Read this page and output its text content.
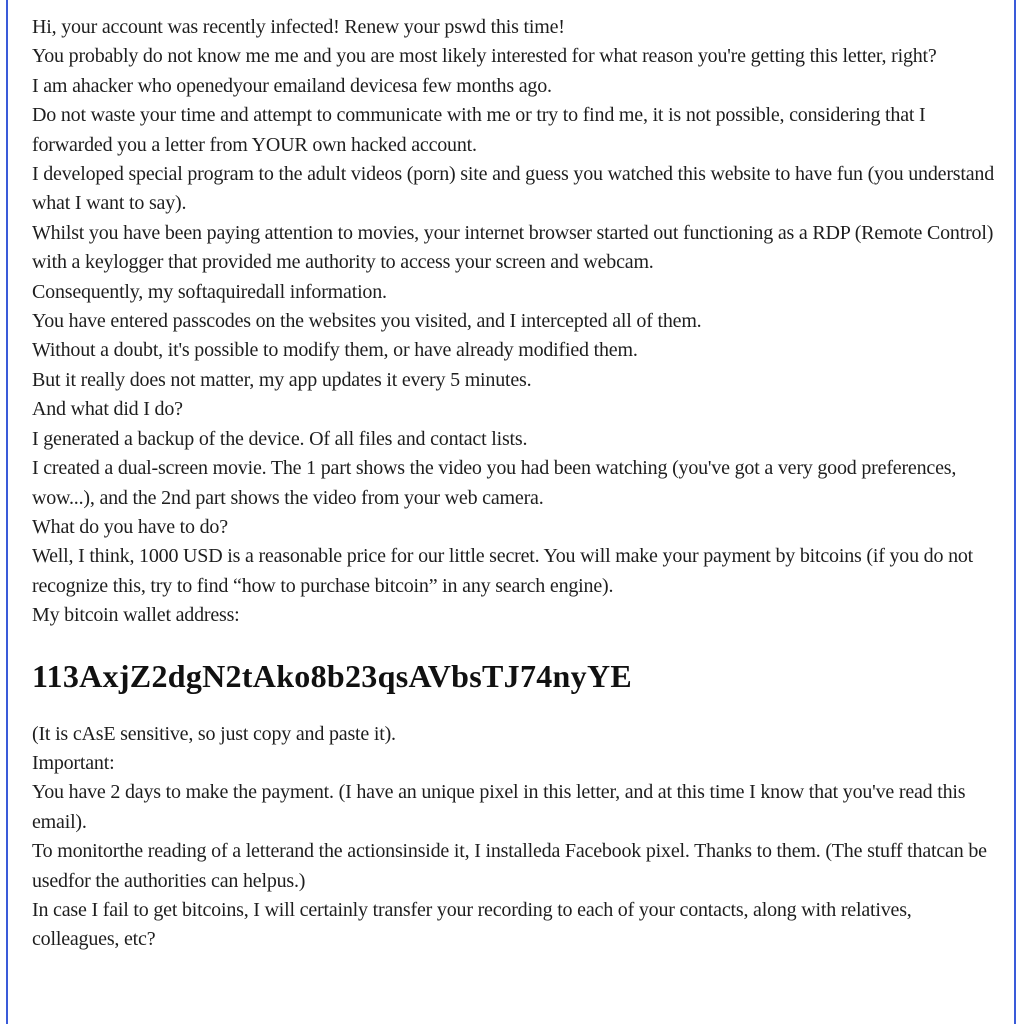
Hi, your account was recently infected! Renew your pswd this time!

You probably do not know me me and you are most likely interested for what reason you're getting this letter, right?

I am ahacker who openedyour emailand devicesa few months ago.

Do not waste your time and attempt to communicate with me or try to find me, it is not possible, considering that I forwarded you a letter from YOUR own hacked account.

I developed special program to the adult videos (porn) site and guess you watched this website to have fun (you understand what I want to say).

Whilst you have been paying attention to movies, your internet browser started out functioning as a RDP (Remote Control) with a keylogger that provided me authority to access your screen and webcam.

Consequently, my softaquiredall information.

You have entered passcodes on the websites you visited, and I intercepted all of them.

Without a doubt, it's possible to modify them, or have already modified them.

But it really does not matter, my app updates it every 5 minutes.

And what did I do?

I generated a backup of the device. Of all files and contact lists.

I created a dual-screen movie. The 1 part shows the video you had been watching (you've got a very good preferences, wow...), and the 2nd part shows the video from your web camera.

What do you have to do?

Well, I think, 1000 USD is a reasonable price for our little secret. You will make your payment by bitcoins (if you do not recognize this, try to find “how to purchase bitcoin” in any search engine).

My bitcoin wallet address:

113AxjZ2dgN2tAko8b23qsAVbsTJ74nyYE

(It is cAsE sensitive, so just copy and paste it).

Important:

You have 2 days to make the payment. (I have an unique pixel in this letter, and at this time I know that you've read this email).

To monitorthe reading of a letterand the actionsinside it, I installeda Facebook pixel. Thanks to them. (The stuff thatcan be usedfor the authorities can helpus.)

In case I fail to get bitcoins, I will certainly transfer your recording to each of your contacts, along with relatives, colleagues, etc?
